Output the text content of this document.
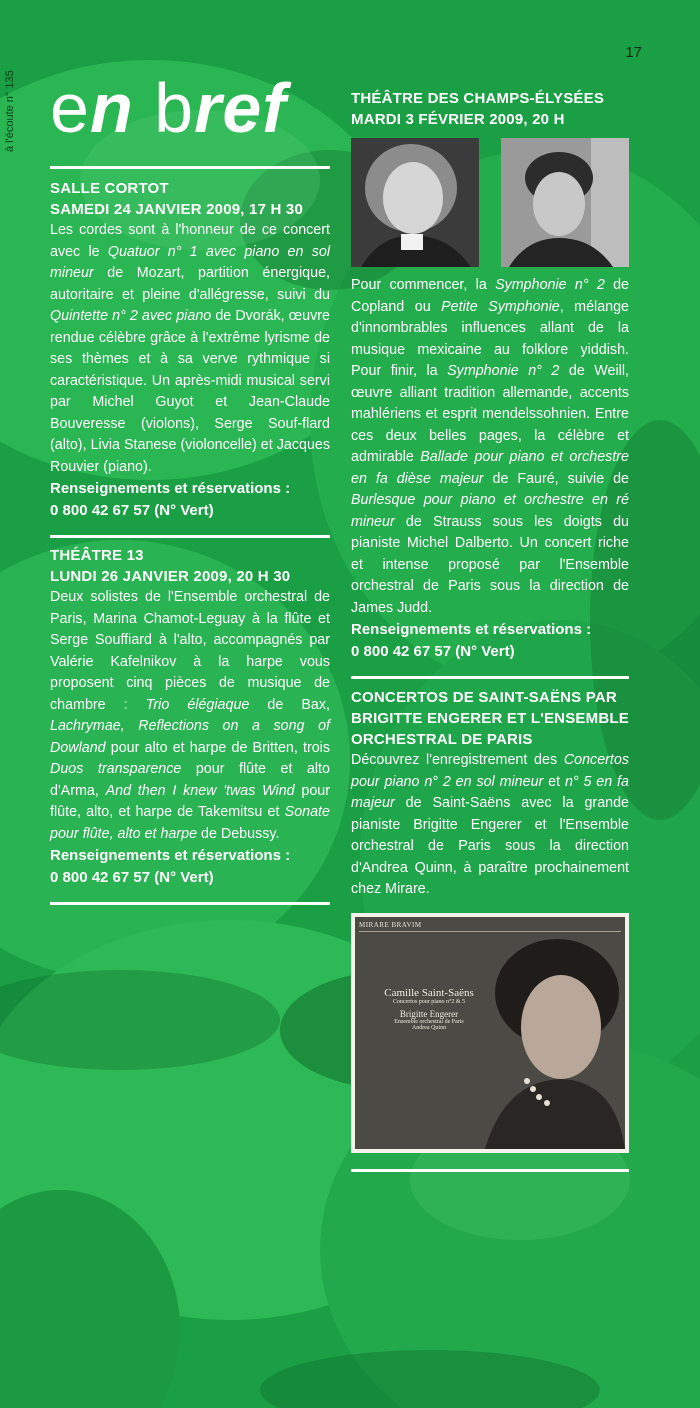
à l'écoute n° 135
17
en bref
SALLE CORTOT
SAMEDI 24 JANVIER 2009, 17 H 30

Les cordes sont à l'honneur de ce concert avec le Quatuor n° 1 avec piano en sol mineur de Mozart, partition énergique, autoritaire et pleine d'allégresse, suivi du Quintette n° 2 avec piano de Dvorák, œuvre rendue célèbre grâce à l'extrême lyrisme de ses thèmes et à sa verve rythmique si caractéristique. Un après-midi musical servi par Michel Guyot et Jean-Claude Bouveresse (violons), Serge Souf-flard (alto), Livia Stanese (violoncelle) et Jacques Rouvier (piano).

Renseignements et réservations :
0 800 42 67 57 (N° Vert)
THÉÂTRE 13
LUNDI 26 JANVIER 2009, 20 H 30

Deux solistes de l'Ensemble orchestral de Paris, Marina Chamot-Leguay à la flûte et Serge Souffiard à l'alto, accompagnés par Valérie Kafelnikov à la harpe vous proposent cinq pièces de musique de chambre : Trio élégiaque de Bax, Lachrymae, Reflections on a song of Dowland pour alto et harpe de Britten, trois Duos transparence pour flûte et alto d'Arma, And then I knew 'twas Wind pour flûte, alto, et harpe de Takemitsu et Sonate pour flûte, alto et harpe de Debussy.

Renseignements et réservations :
0 800 42 67 57 (N° Vert)
THÉÂTRE DES CHAMPS-ÉLYSÉES
MARDI 3 FÉVRIER 2009, 20 H

Pour commencer, la Symphonie n° 2 de Copland ou Petite Symphonie, mélange d'innombrables influences allant de la musique mexicaine au folklore yiddish. Pour finir, la Symphonie n° 2 de Weill, œuvre alliant tradition allemande, accents mahlériens et esprit mendelssohnien. Entre ces deux belles pages, la célèbre et admirable Ballade pour piano et orchestre en fa dièse majeur de Fauré, suivie de Burlesque pour piano et orchestre en ré mineur de Strauss sous les doigts du pianiste Michel Dalberto. Un concert riche et intense proposé par l'Ensemble orchestral de Paris sous la direction de James Judd.

Renseignements et réservations :
0 800 42 67 57 (N° Vert)
CONCERTOS DE SAINT-SAËNS PAR BRIGITTE ENGERER ET L'ENSEMBLE ORCHESTRAL DE PARIS

Découvrez l'enregistrement des Concertos pour piano n° 2 en sol mineur et n° 5 en fa majeur de Saint-Saëns avec la grande pianiste Brigitte Engerer et l'Ensemble orchestral de Paris sous la direction d'Andrea Quinn, à paraître prochainement chez Mirare.

MIRARE BRAVIM
Camille Saint-Saëns
Concertos pour piano n°2 & 5
Brigitte Engerer
Ensemble orchestral de Paris
Andrea Quinn
